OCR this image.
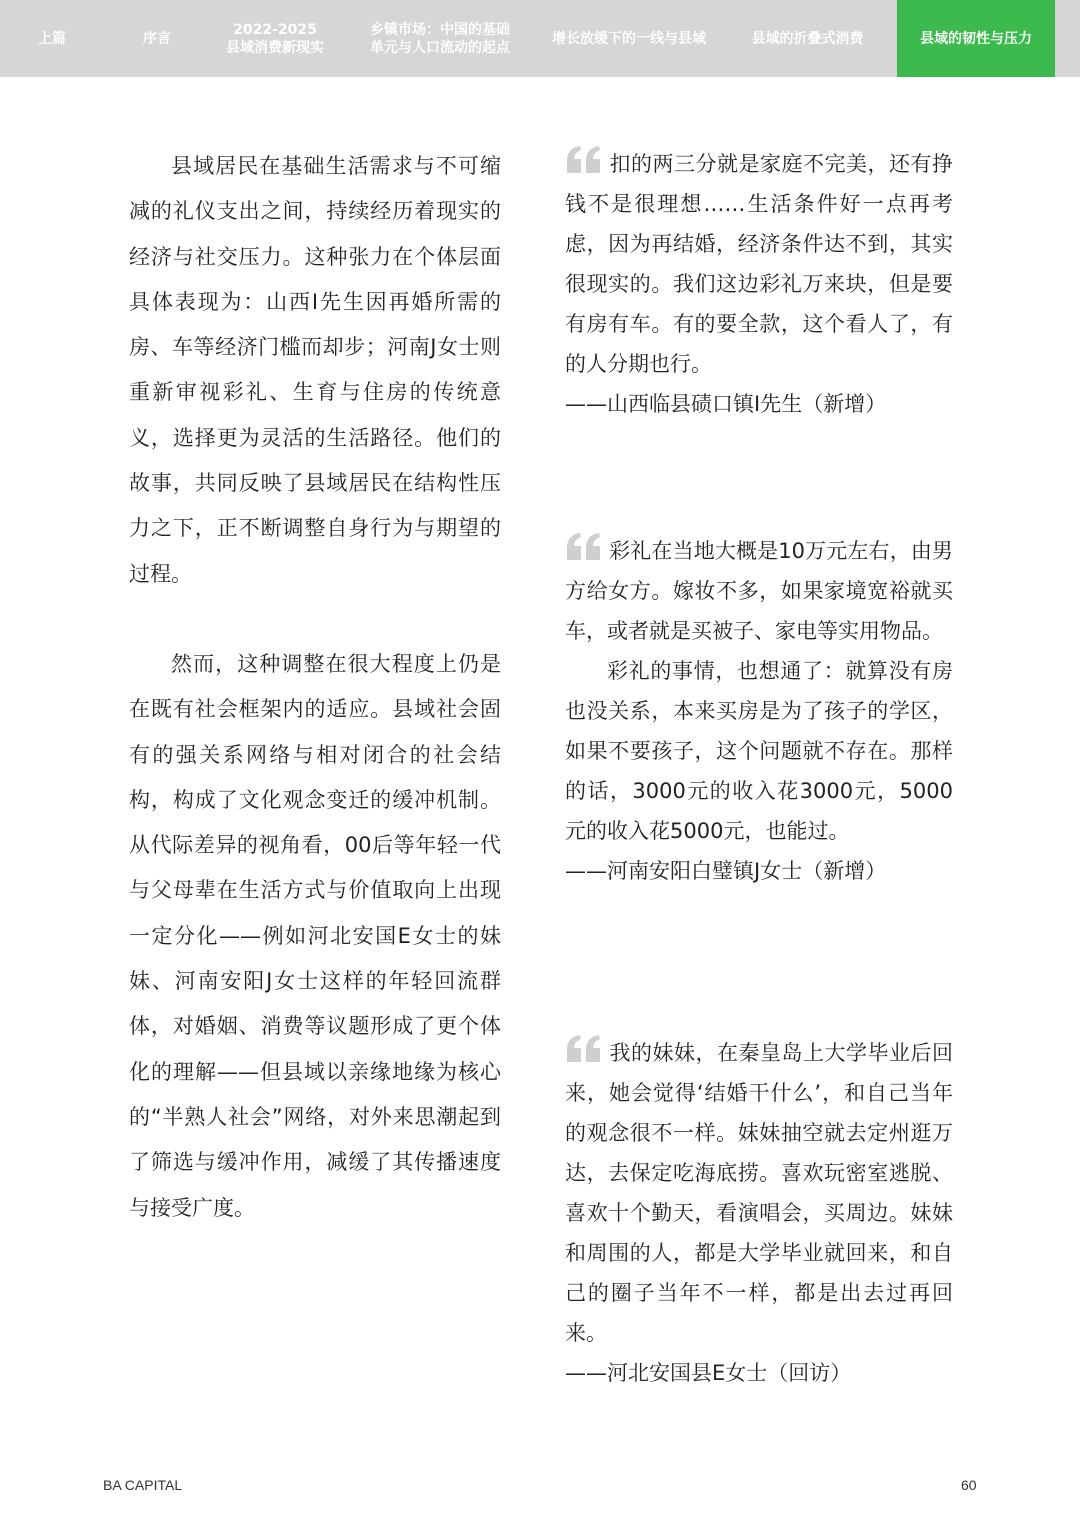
上篇	序言
2022-2025
县域消费新现实
乡镇市场：中国的基础
单元与人口流动的起点
增长放缓下的一线与县域	县域的折叠式消费	县域的韧性与压力

县域居民在基础生活需求与不可缩减的礼仪支出之间，持续经历着现实的经济与社交压力。这种张力在个体层面具体表现为：山西I先生因再婚所需的房、车等经济门槛而却步；河南J女士则重新审视彩礼、生育与住房的传统意义，选择更为灵活的生活路径。他们的故事，共同反映了县域居民在结构性压力之下，正不断调整自身行为与期望的过程。

然而，这种调整在很大程度上仍是在既有社会框架内的适应。县域社会固有的强关系网络与相对闭合的社会结构，构成了文化观念变迁的缓冲机制。从代际差异的视角看，00后等年轻一代与父母辈在生活方式与价值取向上出现一定分化——例如河北安国E女士的妹妹、河南安阳J女士这样的年轻回流群体，对婚姻、消费等议题形成了更个体化的理解——但县域以亲缘地缘为核心的“半熟人社会”网络，对外来思潮起到了筛选与缓冲作用，减缓了其传播速度与接受广度。

扣的两三分就是家庭不完美，还有挣钱不是很理想……生活条件好一点再考虑，因为再结婚，经济条件达不到，其实很现实的。我们这边彩礼万来块，但是要有房有车。有的要全款，这个看人了，有的人分期也行。

——山西临县碛口镇I先生（新增）

彩礼在当地大概是10万元左右，由男方给女方。嫁妆不多，如果家境宽裕就买车，或者就是买被子、家电等实用物品。

彩礼的事情，也想通了：就算没有房也没关系，本来买房是为了孩子的学区，如果不要孩子，这个问题就不存在。那样的话，3000元的收入花3000元，5000元的收入花5000元，也能过。

——河南安阳白璧镇J女士（新增）

我的妹妹，在秦皇岛上大学毕业后回来，她会觉得‘结婚干什么’，和自己当年的观念很不一样。妹妹抽空就去定州逛万达，去保定吃海底捞。喜欢玩密室逃脱、喜欢十个勤天，看演唱会，买周边。妹妹和周围的人，都是大学毕业就回来，和自己的圈子当年不一样，都是出去过再回来。

——河北安国县E女士（回访）

BA CAPITAL	60
